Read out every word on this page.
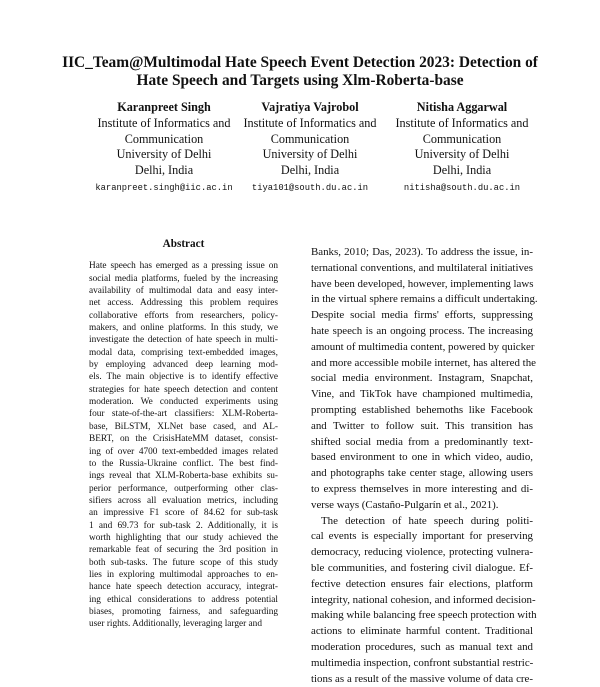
IIC_Team@Multimodal Hate Speech Event Detection 2023: Detection of
Hate Speech and Targets using Xlm-Roberta-base
Karanpreet Singh
Institute of Informatics and
Communication
University of Delhi
Delhi, India
karanpreet.singh@iic.ac.in
Vajratiya Vajrobol
Institute of Informatics and
Communication
University of Delhi
Delhi, India
tiya101@south.du.ac.in
Nitisha Aggarwal
Institute of Informatics and
Communication
University of Delhi
Delhi, India
nitisha@south.du.ac.in
Abstract
Hate speech has emerged as a pressing issue on
social media platforms, fueled by the increasing
availability of multimodal data and easy inter-
net access. Addressing this problem requires
collaborative efforts from researchers, policy-
makers, and online platforms. In this study, we
investigate the detection of hate speech in multi-
modal data, comprising text-embedded images,
by employing advanced deep learning mod-
els. The main objective is to identify effective
strategies for hate speech detection and content
moderation. We conducted experiments using
four state-of-the-art classifiers: XLM-Roberta-
base, BiLSTM, XLNet base cased, and AL-
BERT, on the CrisisHateMM dataset, consist-
ing of over 4700 text-embedded images related
to the Russia-Ukraine conflict. The best find-
ings reveal that XLM-Roberta-base exhibits su-
perior performance, outperforming other clas-
sifiers across all evaluation metrics, including
an impressive F1 score of 84.62 for sub-task
1 and 69.73 for sub-task 2. Additionally, it is
worth highlighting that our study achieved the
remarkable feat of securing the 3rd position in
both sub-tasks. The future scope of this study
lies in exploring multimodal approaches to en-
hance hate speech detection accuracy, integrat-
ing ethical considerations to address potential
biases, promoting fairness, and safeguarding
user rights. Additionally, leveraging larger and
Banks, 2010; Das, 2023). To address the issue, in-
ternational conventions, and multilateral initiatives
have been developed, however, implementing laws
in the virtual sphere remains a difficult undertaking.
Despite social media firms' efforts, suppressing
hate speech is an ongoing process. The increasing
amount of multimedia content, powered by quicker
and more accessible mobile internet, has altered the
social media environment. Instagram, Snapchat,
Vine, and TikTok have championed multimedia,
prompting established behemoths like Facebook
and Twitter to follow suit. This transition has
shifted social media from a predominantly text-
based environment to one in which video, audio,
and photographs take center stage, allowing users
to express themselves in more interesting and di-
verse ways (Castaño-Pulgarín et al., 2021).
The detection of hate speech during politi-
cal events is especially important for preserving
democracy, reducing violence, protecting vulnera-
ble communities, and fostering civil dialogue. Ef-
fective detection ensures fair elections, platform
integrity, national cohesion, and informed decision-
making while balancing free speech protection with
actions to eliminate harmful content. Traditional
moderation procedures, such as manual text and
multimedia inspection, confront substantial restric-
tions as a result of the massive volume of data cre-
